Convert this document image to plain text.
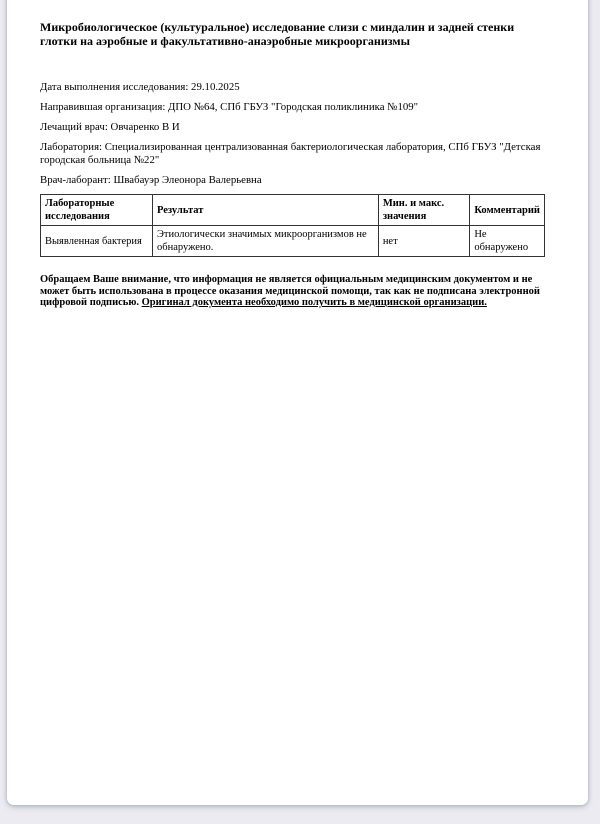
Микробиологическое (культуральное) исследование слизи с миндалин и задней стенки глотки на аэробные и факультативно-анаэробные микроорганизмы

Дата выполнения исследования: 29.10.2025

Направившая организация: ДПО №64, СПб ГБУЗ "Городская поликлиника №109"

Лечащий врач: Овчаренко В И

Лаборатория: Специализированная централизованная бактериологическая лаборатория, СПб ГБУЗ "Детская городская больница №22"

Врач-лаборант: Швабауэр Элеонора Валерьевна

Лабораторные исследования	Результат	Мин. и макс. значения	Комментарий
Выявленная бактерия	Этиологически значимых микроорганизмов не обнаружено.	нет	Не обнаружено

Обращаем Ваше внимание, что информация не является официальным медицинским документом и не может быть использована в процессе оказания медицинской помощи, так как не подписана электронной цифровой подписью. Оригинал документа необходимо получить в медицинской организации.
